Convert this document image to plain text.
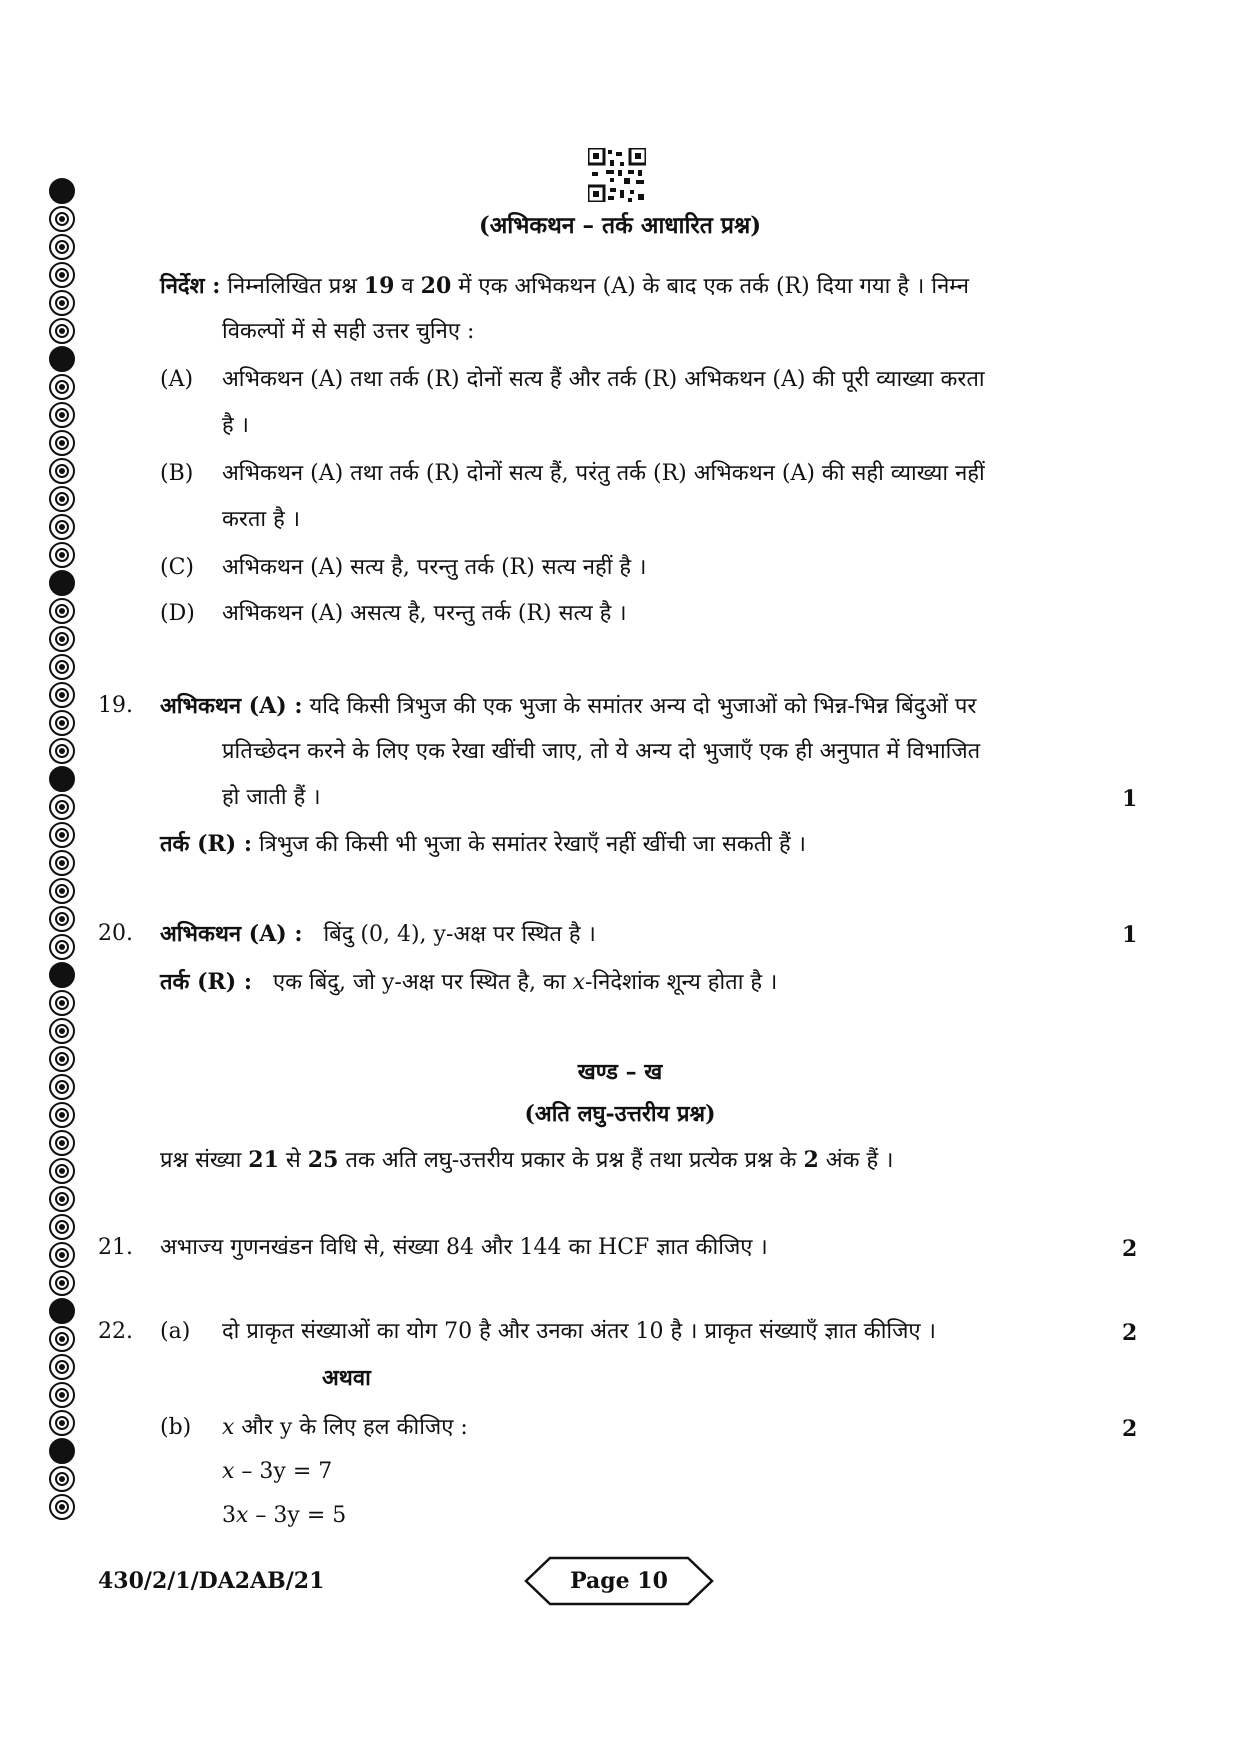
(अभिकथन – तर्क आधारित प्रश्न)
निर्देश : निम्नलिखित प्रश्न 19 व 20 में एक अभिकथन (A) के बाद एक तर्क (R) दिया गया है । निम्न
विकल्पों में से सही उत्तर चुनिए :
(A) अभिकथन (A) तथा तर्क (R) दोनों सत्य हैं और तर्क (R) अभिकथन (A) की पूरी व्याख्या करता
है ।
(B) अभिकथन (A) तथा तर्क (R) दोनों सत्य हैं, परंतु तर्क (R) अभिकथन (A) की सही व्याख्या नहीं
करता है ।
(C) अभिकथन (A) सत्य है, परन्तु तर्क (R) सत्य नहीं है ।
(D) अभिकथन (A) असत्य है, परन्तु तर्क (R) सत्य है ।
19. अभिकथन (A) : यदि किसी त्रिभुज की एक भुजा के समांतर अन्य दो भुजाओं को भिन्न-भिन्न बिंदुओं पर
प्रतिच्छेदन करने के लिए एक रेखा खींची जाए, तो ये अन्य दो भुजाएँ एक ही अनुपात में विभाजित
हो जाती हैं ।	1
तर्क (R) : त्रिभुज की किसी भी भुजा के समांतर रेखाएँ नहीं खींची जा सकती हैं ।
20. अभिकथन (A) : बिंदु (0, 4), y-अक्ष पर स्थित है ।	1
तर्क (R) : एक बिंदु, जो y-अक्ष पर स्थित है, का x-निदेशांक शून्य होता है ।
खण्ड – ख
(अति लघु-उत्तरीय प्रश्न)
प्रश्न संख्या 21 से 25 तक अति लघु-उत्तरीय प्रकार के प्रश्न हैं तथा प्रत्येक प्रश्न के 2 अंक हैं ।
21. अभाज्य गुणनखंडन विधि से, संख्या 84 और 144 का HCF ज्ञात कीजिए ।	2
22. (a) दो प्राकृत संख्याओं का योग 70 है और उनका अंतर 10 है । प्राकृत संख्याएँ ज्ञात कीजिए ।	2
अथवा
(b) x और y के लिए हल कीजिए :	2
x – 3y = 7
3x – 3y = 5
430/2/1/DA2AB/21	Page 10
